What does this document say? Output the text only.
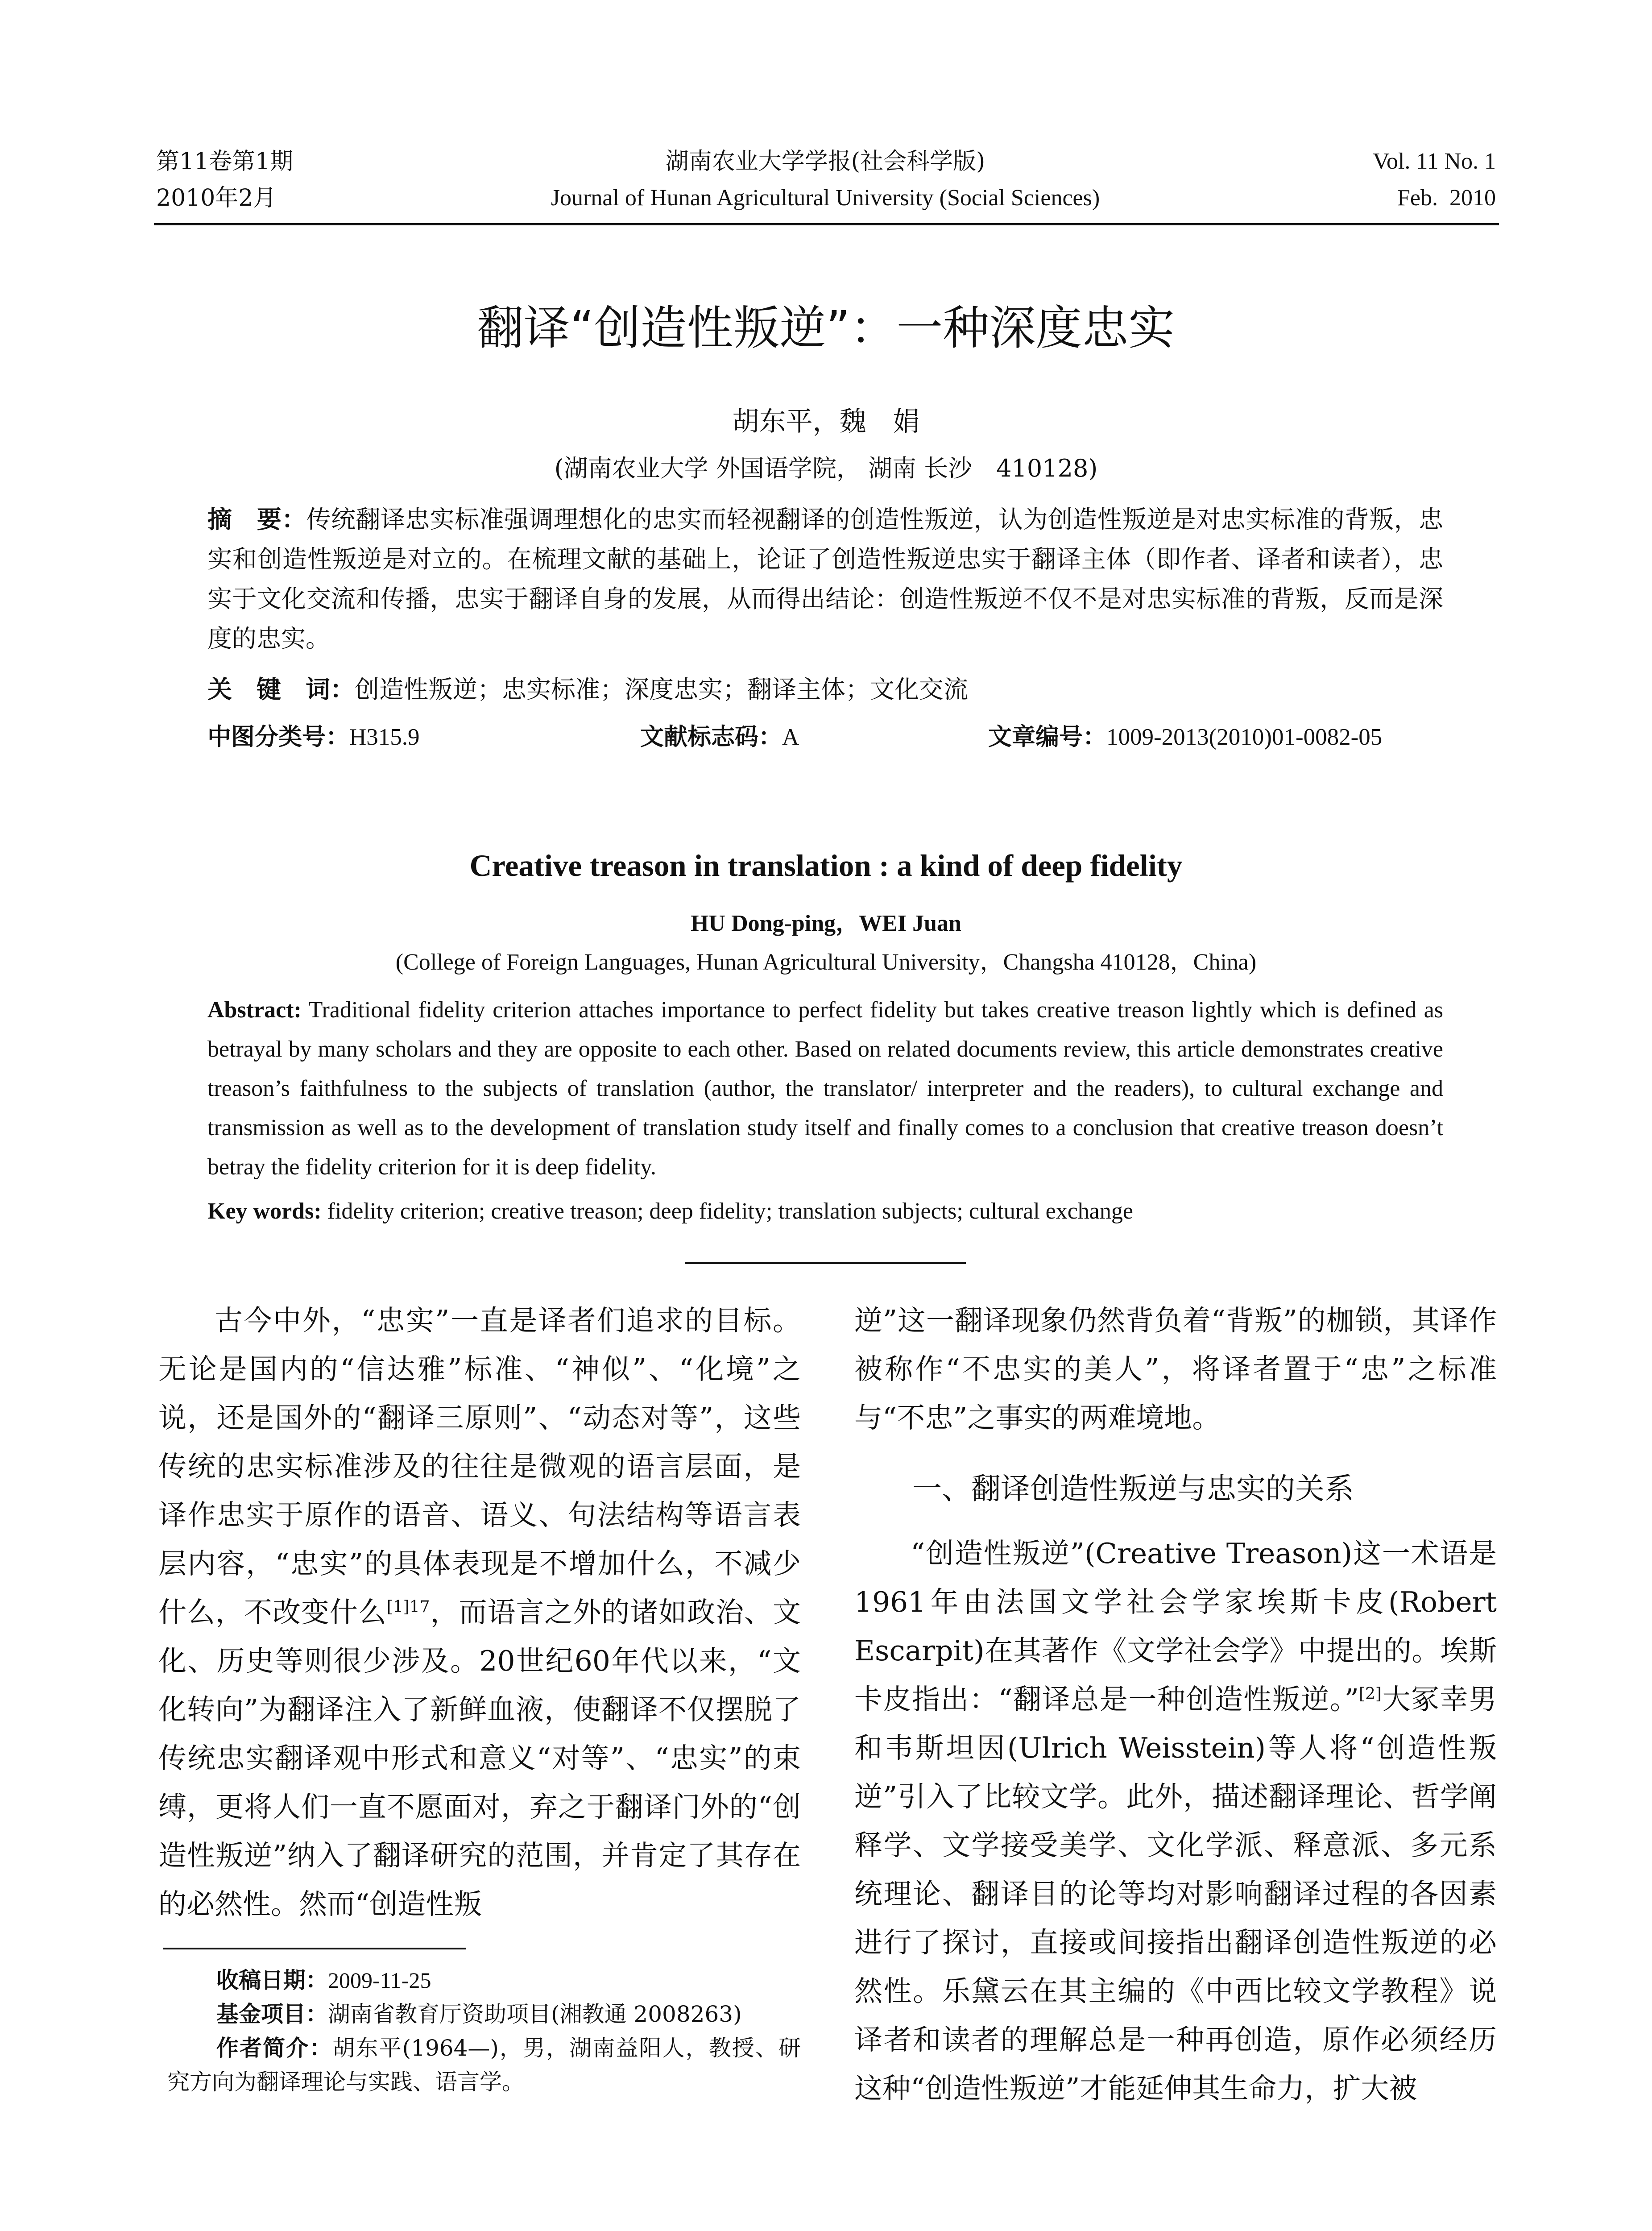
第11卷第1期
2010年2月
湖南农业大学学报(社会科学版)
Journal of Hunan Agricultural University (Social Sciences)
Vol. 11 No. 1
Feb.  2010
翻译“创造性叛逆”：一种深度忠实
胡东平，魏　娟
(湖南农业大学 外国语学院， 湖南 长沙　410128)
摘　要：传统翻译忠实标准强调理想化的忠实而轻视翻译的创造性叛逆，认为创造性叛逆是对忠实标准的背叛，忠实和创造性叛逆是对立的。在梳理文献的基础上，论证了创造性叛逆忠实于翻译主体（即作者、译者和读者），忠实于文化交流和传播，忠实于翻译自身的发展，从而得出结论：创造性叛逆不仅不是对忠实标准的背叛，反而是深度的忠实。
关　键　词：创造性叛逆；忠实标准；深度忠实；翻译主体；文化交流
中图分类号：H315.9	文献标志码：A	文章编号：1009-2013(2010)01-0082-05
Creative treason in translation : a kind of deep fidelity
HU Dong-ping，WEI Juan
(College of Foreign Languages, Hunan Agricultural University，Changsha 410128，China)
Abstract: Traditional fidelity criterion attaches importance to perfect fidelity but takes creative treason lightly which is defined as betrayal by many scholars and they are opposite to each other. Based on related documents review, this article demonstrates creative treason’s faithfulness to the subjects of translation (author, the translator/ interpreter and the readers), to cultural exchange and transmission as well as to the development of translation study itself and finally comes to a conclusion that creative treason doesn’t betray the fidelity criterion for it is deep fidelity.
Key words: fidelity criterion; creative treason; deep fidelity; translation subjects; cultural exchange

古今中外，“忠实”一直是译者们追求的目标。无论是国内的“信达雅”标准、“神似”、“化境”之说，还是国外的“翻译三原则”、“动态对等”，这些传统的忠实标准涉及的往往是微观的语言层面，是译作忠实于原作的语音、语义、句法结构等语言表层内容，“忠实”的具体表现是不增加什么，不减少什么，不改变什么$^{[1]17}$，而语言之外的诸如政治、文化、历史等则很少涉及。20世纪60年代以来，“文化转向”为翻译注入了新鲜血液，使翻译不仅摆脱了传统忠实翻译观中形式和意义“对等”、“忠实”的束缚，更将人们一直不愿面对，弃之于翻译门外的“创造性叛逆”纳入了翻译研究的范围，并肯定了其存在的必然性。然而“创造性叛

收稿日期：2009-11-25
基金项目：湖南省教育厅资助项目(湘教通 2008263)
作者简介：胡东平(1964—)，男，湖南益阳人，教授、研究方向为翻译理论与实践、语言学。

逆”这一翻译现象仍然背负着“背叛”的枷锁，其译作被称作“不忠实的美人”，将译者置于“忠”之标准与“不忠”之事实的两难境地。

一、翻译创造性叛逆与忠实的关系

“创造性叛逆”(Creative Treason)这一术语是1961年由法国文学社会学家埃斯卡皮(Robert Escarpit)在其著作《文学社会学》中提出的。埃斯卡皮指出：“翻译总是一种创造性叛逆。”[2]大冢幸男和韦斯坦因(Ulrich Weisstein)等人将“创造性叛逆”引入了比较文学。此外，描述翻译理论、哲学阐释学、文学接受美学、文化学派、释意派、多元系统理论、翻译目的论等均对影响翻译过程的各因素进行了探讨，直接或间接指出翻译创造性叛逆的必然性。乐黛云在其主编的《中西比较文学教程》说译者和读者的理解总是一种再创造，原作必须经历这种“创造性叛逆”才能延伸其生命力，扩大被
